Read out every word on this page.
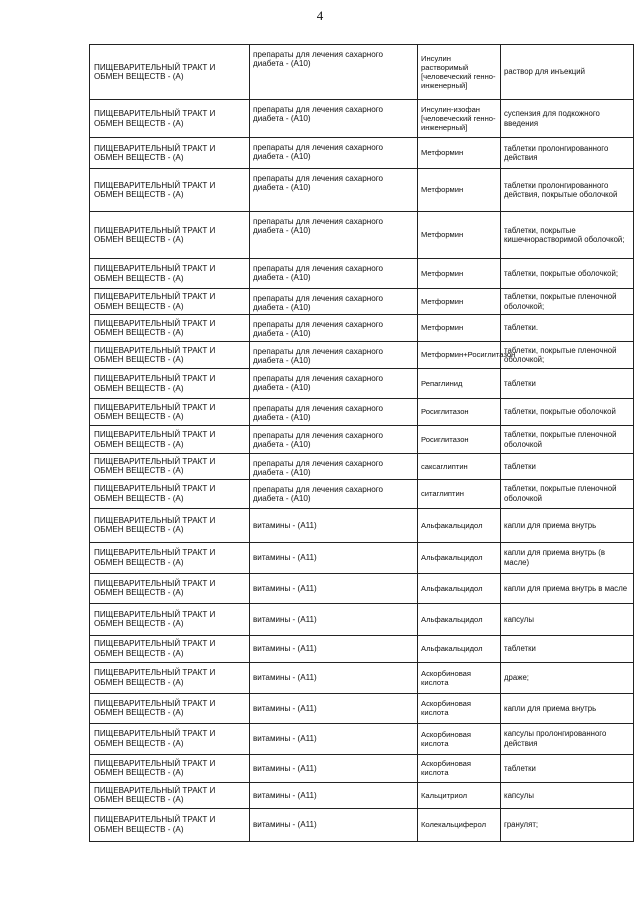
4
ПИЩЕВАРИТЕЛЬНЫЙ ТРАКТ И ОБМЕН ВЕЩЕСТВ - (А)	препараты для лечения сахарного диабета - (А10)	Инсулин растворимый [человеческий генно-инженерный]	раствор для инъекций
ПИЩЕВАРИТЕЛЬНЫЙ ТРАКТ И ОБМЕН ВЕЩЕСТВ - (А)	препараты для лечения сахарного диабета - (А10)	Инсулин-изофан [человеческий генно-инженерный]	суспензия для подкожного введения
ПИЩЕВАРИТЕЛЬНЫЙ ТРАКТ И ОБМЕН ВЕЩЕСТВ - (А)	препараты для лечения сахарного диабета - (А10)	Метформин	таблетки пролонгированного действия
ПИЩЕВАРИТЕЛЬНЫЙ ТРАКТ И ОБМЕН ВЕЩЕСТВ - (А)	препараты для лечения сахарного диабета - (А10)	Метформин	таблетки пролонгированного действия, покрытые оболочкой
ПИЩЕВАРИТЕЛЬНЫЙ ТРАКТ И ОБМЕН ВЕЩЕСТВ - (А)	препараты для лечения сахарного диабета - (А10)	Метформин	таблетки, покрытые кишечнорастворимой оболочкой;
ПИЩЕВАРИТЕЛЬНЫЙ ТРАКТ И ОБМЕН ВЕЩЕСТВ - (А)	препараты для лечения сахарного диабета - (А10)	Метформин	таблетки, покрытые оболочкой;
ПИЩЕВАРИТЕЛЬНЫЙ ТРАКТ И ОБМЕН ВЕЩЕСТВ - (А)	препараты для лечения сахарного диабета - (А10)	Метформин	таблетки, покрытые пленочной оболочкой;
ПИЩЕВАРИТЕЛЬНЫЙ ТРАКТ И ОБМЕН ВЕЩЕСТВ - (А)	препараты для лечения сахарного диабета - (А10)	Метформин	таблетки.
ПИЩЕВАРИТЕЛЬНЫЙ ТРАКТ И ОБМЕН ВЕЩЕСТВ - (А)	препараты для лечения сахарного диабета - (А10)	Метформин+Росиглитазон	таблетки, покрытые пленочной оболочкой;
ПИЩЕВАРИТЕЛЬНЫЙ ТРАКТ И ОБМЕН ВЕЩЕСТВ - (А)	препараты для лечения сахарного диабета - (А10)	Репаглинид	таблетки
ПИЩЕВАРИТЕЛЬНЫЙ ТРАКТ И ОБМЕН ВЕЩЕСТВ - (А)	препараты для лечения сахарного диабета - (А10)	Росиглитазон	таблетки, покрытые оболочкой
ПИЩЕВАРИТЕЛЬНЫЙ ТРАКТ И ОБМЕН ВЕЩЕСТВ - (А)	препараты для лечения сахарного диабета - (А10)	Росиглитазон	таблетки, покрытые пленочной оболочкой
ПИЩЕВАРИТЕЛЬНЫЙ ТРАКТ И ОБМЕН ВЕЩЕСТВ - (А)	препараты для лечения сахарного диабета - (А10)	саксаглиптин	таблетки
ПИЩЕВАРИТЕЛЬНЫЙ ТРАКТ И ОБМЕН ВЕЩЕСТВ - (А)	препараты для лечения сахарного диабета - (А10)	ситаглиптин	таблетки, покрытые пленочной оболочкой
ПИЩЕВАРИТЕЛЬНЫЙ ТРАКТ И ОБМЕН ВЕЩЕСТВ - (А)	витамины - (А11)	Альфакальцидол	капли для приема внутрь
ПИЩЕВАРИТЕЛЬНЫЙ ТРАКТ И ОБМЕН ВЕЩЕСТВ - (А)	витамины - (А11)	Альфакальцидол	капли для приема внутрь (в масле)
ПИЩЕВАРИТЕЛЬНЫЙ ТРАКТ И ОБМЕН ВЕЩЕСТВ - (А)	витамины - (А11)	Альфакальцидол	капли для приема внутрь в масле
ПИЩЕВАРИТЕЛЬНЫЙ ТРАКТ И ОБМЕН ВЕЩЕСТВ - (А)	витамины - (А11)	Альфакальцидол	капсулы
ПИЩЕВАРИТЕЛЬНЫЙ ТРАКТ И ОБМЕН ВЕЩЕСТВ - (А)	витамины - (А11)	Альфакальцидол	таблетки
ПИЩЕВАРИТЕЛЬНЫЙ ТРАКТ И ОБМЕН ВЕЩЕСТВ - (А)	витамины - (А11)	Аскорбиновая кислота	драже;
ПИЩЕВАРИТЕЛЬНЫЙ ТРАКТ И ОБМЕН ВЕЩЕСТВ - (А)	витамины - (А11)	Аскорбиновая кислота	капли для приема внутрь
ПИЩЕВАРИТЕЛЬНЫЙ ТРАКТ И ОБМЕН ВЕЩЕСТВ - (А)	витамины - (А11)	Аскорбиновая кислота	капсулы пролонгированного действия
ПИЩЕВАРИТЕЛЬНЫЙ ТРАКТ И ОБМЕН ВЕЩЕСТВ - (А)	витамины - (А11)	Аскорбиновая кислота	таблетки
ПИЩЕВАРИТЕЛЬНЫЙ ТРАКТ И ОБМЕН ВЕЩЕСТВ - (А)	витамины - (А11)	Кальцитриол	капсулы
ПИЩЕВАРИТЕЛЬНЫЙ ТРАКТ И ОБМЕН ВЕЩЕСТВ - (А)	витамины - (А11)	Колекальциферол	гранулят;
